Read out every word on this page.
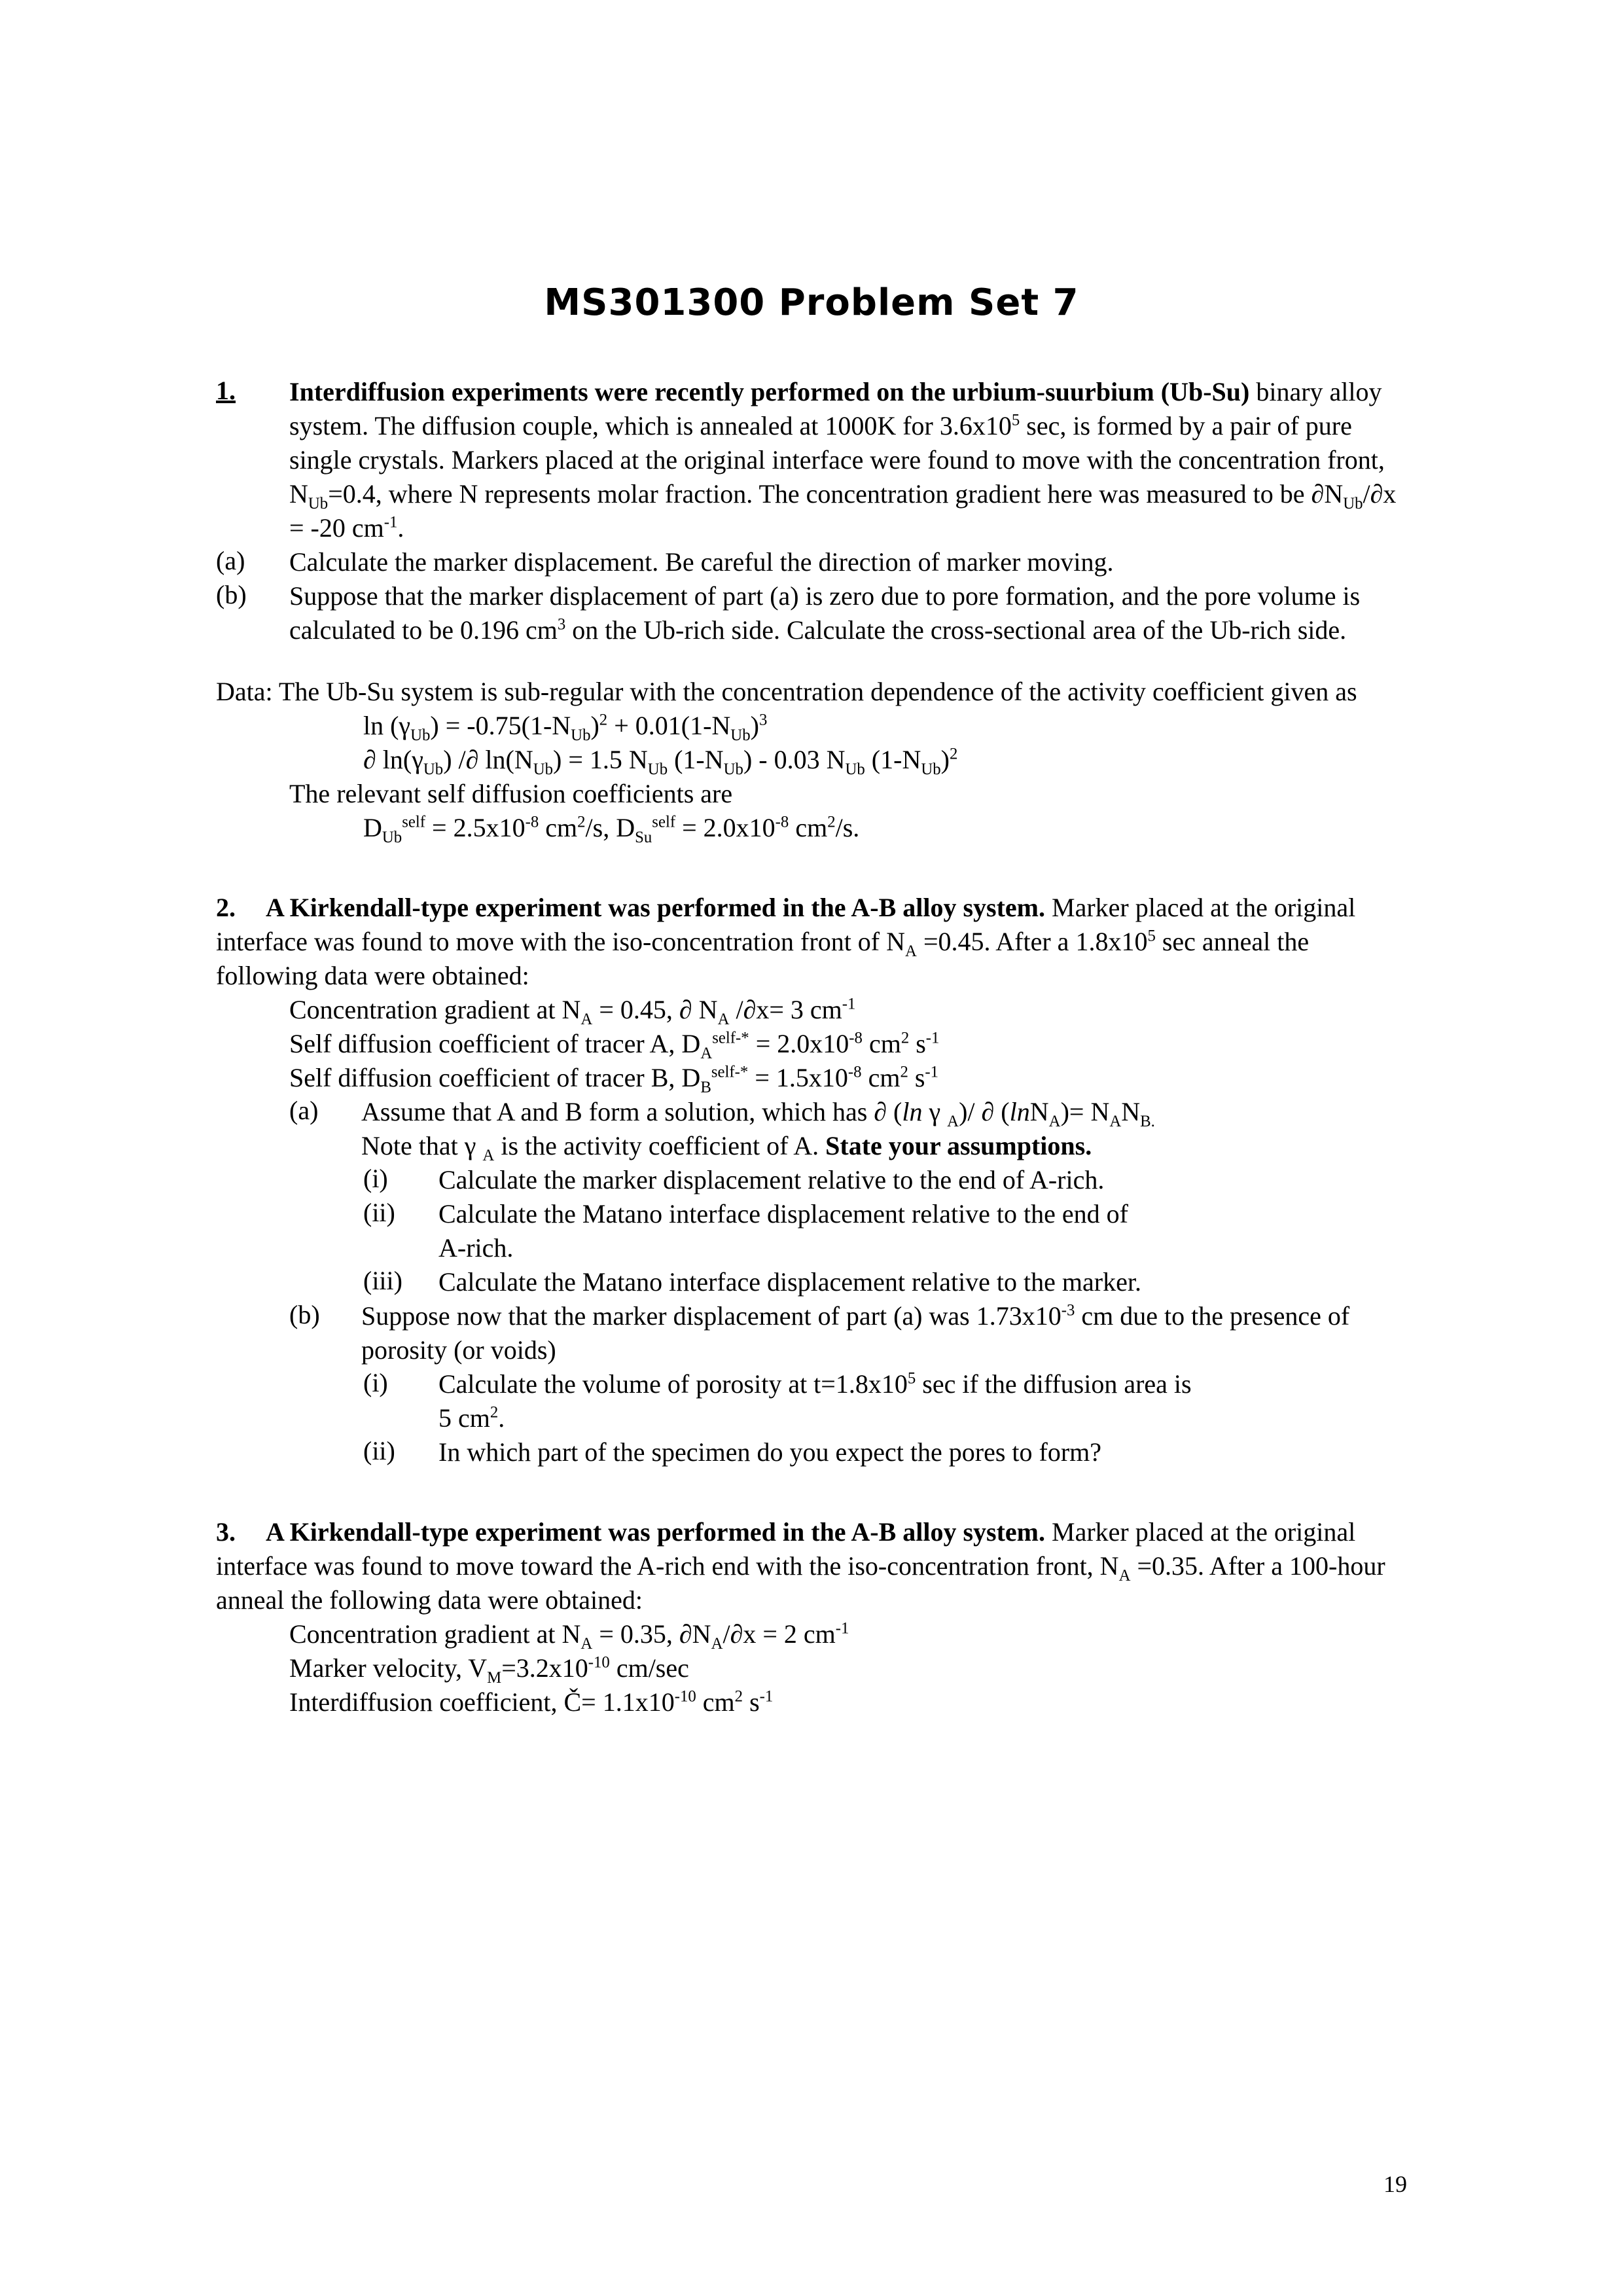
MS301300 Problem Set 7
1. Interdiffusion experiments were recently performed on the urbium-suurbium (Ub-Su) binary alloy system. The diffusion couple, which is annealed at 1000K for $3.6x10^5$ sec, is formed by a pair of pure single crystals. Markers placed at the original interface were found to move with the concentration front, $N_{Ub}=0.4$, where N represents molar fraction. The concentration gradient here was measured to be $\partial N_{Ub}/\partial x = -20$ $cm^{-1}$.

(a) Calculate the marker displacement. Be careful the direction of marker moving.

(b) Suppose that the marker displacement of part (a) is zero due to pore formation, and the pore volume is calculated to be 0.196 $cm^3$ on the Ub-rich side. Calculate the cross-sectional area of the Ub-rich side.

Data: The Ub-Su system is sub-regular with the concentration dependence of the activity coefficient given as

$\ln (\gamma_{Ub}) = -0.75(1-N_{Ub})^2 + 0.01(1-N_{Ub})^3$

∂ $\ln(\gamma_{Ub})$ /∂ $\ln(N_{Ub}) = 1.5$ $N_{Ub}$ $(1-N_{Ub}) - 0.03$ $N_{Ub}$ $(1-N_{Ub})^2$

The relevant self diffusion coefficients are

$D_{Ub}^{self} = 2.5x10^{-8}$ $cm^2/s$, $D_{Su}^{self} = 2.0x10^{-8}$ $cm^2/s$.

2. A Kirkendall-type experiment was performed in the A-B alloy system. Marker placed at the original interface was found to move with the iso-concentration front of $N_A =0.45$. After a $1.8x10^5$ sec anneal the following data were obtained:

Concentration gradient at $N_A = 0.45$, ∂ $N_A$ /∂x= 3 $cm^{-1}$

Self diffusion coefficient of tracer A, $D_A^{self-*} = 2.0x10^{-8}$ $cm^2$ $s^{-1}$

Self diffusion coefficient of tracer B, $D_B^{self-*} = 1.5x10^{-8}$ $cm^2$ $s^{-1}$

(a) Assume that A and B form a solution, which has ∂ (ln γ $_A$)/ ∂ $(\ln N_A)= N_AN_{B.}$

Note that γ $_A$ is the activity coefficient of A. State your assumptions.

(i) Calculate the marker displacement relative to the end of A-rich.

(ii) Calculate the Matano interface displacement relative to the end of

A-rich.

(iii) Calculate the Matano interface displacement relative to the marker.

(b) Suppose now that the marker displacement of part (a) was $1.73x10^{-3}$ cm due to the presence of porosity (or voids)

(i) Calculate the volume of porosity at $t=1.8x10^5$ sec if the diffusion area is

5 $cm^2$.

(ii) In which part of the specimen do you expect the pores to form?

3. A Kirkendall-type experiment was performed in the A-B alloy system. Marker placed at the original interface was found to move toward the A-rich end with the iso-concentration front, $N_A =0.35$. After a 100-hour anneal the following data were obtained:

Concentration gradient at $N_A = 0.35$, $\partial N_A/\partial x = 2$ $cm^{-1}$

Marker velocity, $V_M=3.2x10^{-10}$ cm/sec

Interdiffusion coefficient, Č= $1.1x10^{-10}$ $cm^2$ $s^{-1}$

19
